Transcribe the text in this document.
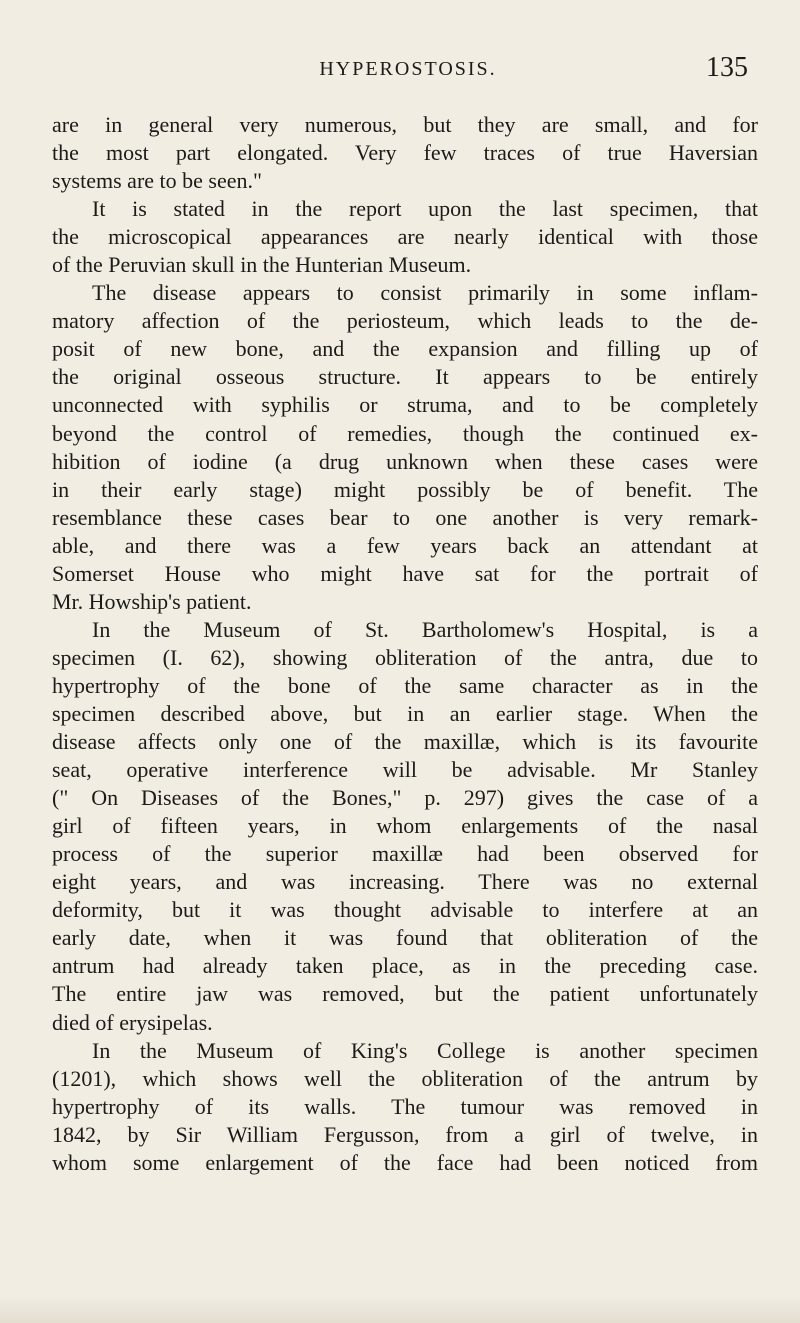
HYPEROSTOSIS.	135
are in general very numerous, but they are small, and for
the most part elongated. Very few traces of true Haversian
systems are to be seen."
It is stated in the report upon the last specimen, that
the microscopical appearances are nearly identical with those
of the Peruvian skull in the Hunterian Museum.
The disease appears to consist primarily in some inflam-
matory affection of the periosteum, which leads to the de-
posit of new bone, and the expansion and filling up of
the original osseous structure. It appears to be entirely
unconnected with syphilis or struma, and to be completely
beyond the control of remedies, though the continued ex-
hibition of iodine (a drug unknown when these cases were
in their early stage) might possibly be of benefit. The
resemblance these cases bear to one another is very remark-
able, and there was a few years back an attendant at
Somerset House who might have sat for the portrait of
Mr. Howship's patient.
In the Museum of St. Bartholomew's Hospital, is a
specimen (I. 62), showing obliteration of the antra, due to
hypertrophy of the bone of the same character as in the
specimen described above, but in an earlier stage. When the
disease affects only one of the maxillæ, which is its favourite
seat, operative interference will be advisable. Mr Stanley
(" On Diseases of the Bones," p. 297) gives the case of a
girl of fifteen years, in whom enlargements of the nasal
process of the superior maxillæ had been observed for
eight years, and was increasing. There was no external
deformity, but it was thought advisable to interfere at an
early date, when it was found that obliteration of the
antrum had already taken place, as in the preceding case.
The entire jaw was removed, but the patient unfortunately
died of erysipelas.
In the Museum of King's College is another specimen
(1201), which shows well the obliteration of the antrum by
hypertrophy of its walls. The tumour was removed in
1842, by Sir William Fergusson, from a girl of twelve, in
whom some enlargement of the face had been noticed from
